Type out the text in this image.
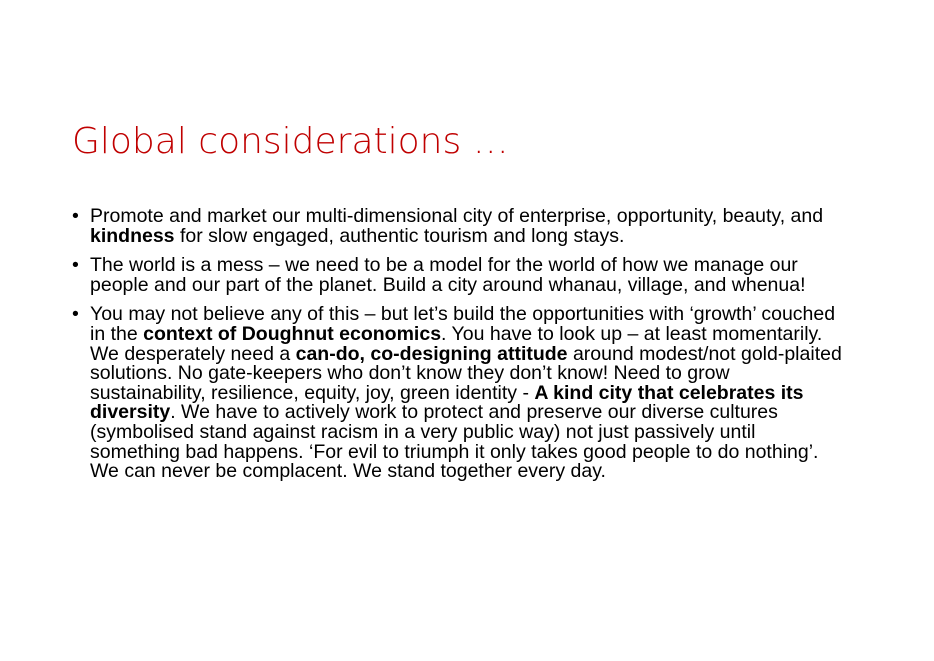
Global considerations …
• Promote and market our multi-dimensional city of enterprise, opportunity, beauty, and kindness for slow engaged, authentic tourism and long stays.
• The world is a mess – we need to be a model for the world of how we manage our people and our part of the planet. Build a city around whanau, village, and whenua!
• You may not believe any of this – but let’s build the opportunities with ‘growth’ couched in the context of Doughnut economics. You have to look up – at least momentarily. We desperately need a can-do, co-designing attitude around modest/not gold-plaited solutions. No gate-keepers who don’t know they don’t know! Need to grow sustainability, resilience, equity, joy, green identity - A kind city that celebrates its diversity. We have to actively work to protect and preserve our diverse cultures (symbolised stand against racism in a very public way) not just passively until something bad happens. ‘For evil to triumph it only takes good people to do nothing’. We can never be complacent. We stand together every day.
